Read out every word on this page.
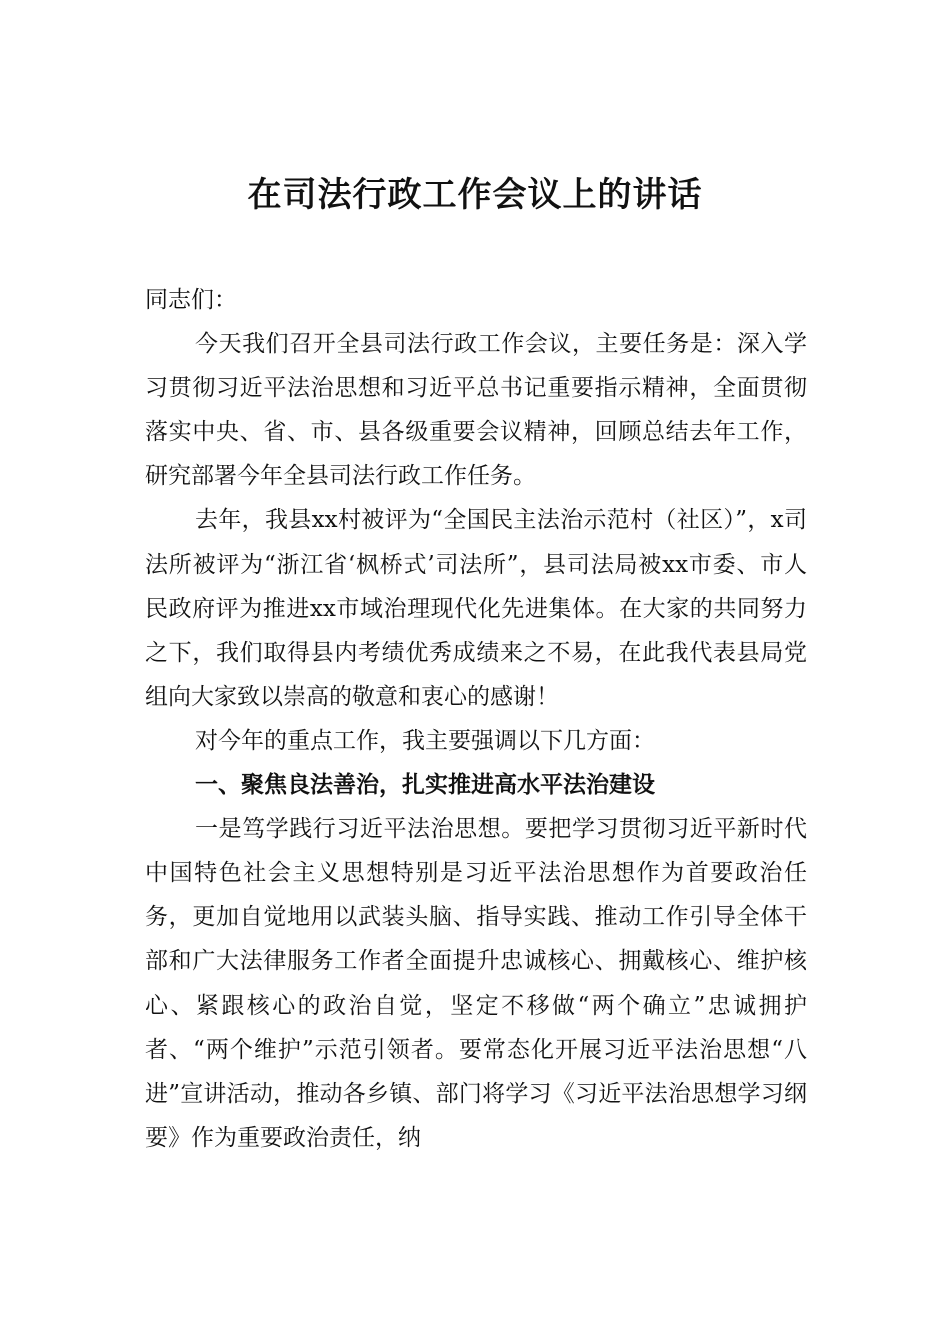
在司法行政工作会议上的讲话

同志们：

今天我们召开全县司法行政工作会议，主要任务是：深入学习贯彻习近平法治思想和习近平总书记重要指示精神，全面贯彻落实中央、省、市、县各级重要会议精神，回顾总结去年工作，研究部署今年全县司法行政工作任务。

去年，我县xx村被评为“全国民主法治示范村（社区）”，x司法所被评为“浙江省‘枫桥式’司法所”，县司法局被xx市委、市人民政府评为推进xx市域治理现代化先进集体。在大家的共同努力之下，我们取得县内考绩优秀成绩来之不易，在此我代表县局党组向大家致以崇高的敬意和衷心的感谢！

对今年的重点工作，我主要强调以下几方面：

一、聚焦良法善治，扎实推进高水平法治建设

一是笃学践行习近平法治思想。要把学习贯彻习近平新时代中国特色社会主义思想特别是习近平法治思想作为首要政治任务，更加自觉地用以武装头脑、指导实践、推动工作引导全体干部和广大法律服务工作者全面提升忠诚核心、拥戴核心、维护核心、紧跟核心的政治自觉，坚定不移做“两个确立”忠诚拥护者、“两个维护”示范引领者。要常态化开展习近平法治思想“八进”宣讲活动，推动各乡镇、部门将学习《习近平法治思想学习纲要》作为重要政治责任，纳
